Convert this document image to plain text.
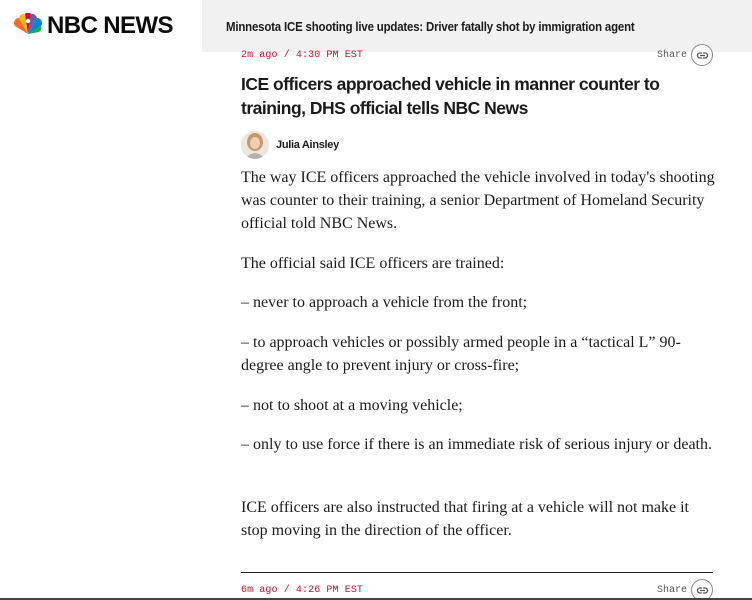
NBC NEWS	Minnesota ICE shooting live updates: Driver fatally shot by immigration agent
2m ago / 4:30 PM EST	Share
ICE officers approached vehicle in manner counter to training, DHS official tells NBC News
Julia Ainsley

The way ICE officers approached the vehicle involved in today's shooting was counter to their training, a senior Department of Homeland Security official told NBC News.

The official said ICE officers are trained:

– never to approach a vehicle from the front;

– to approach vehicles or possibly armed people in a “tactical L” 90-degree angle to prevent injury or cross-fire;

– not to shoot at a moving vehicle;

– only to use force if there is an immediate risk of serious injury or death.

ICE officers are also instructed that firing at a vehicle will not make it stop moving in the direction of the officer.

6m ago / 4:26 PM EST	Share
